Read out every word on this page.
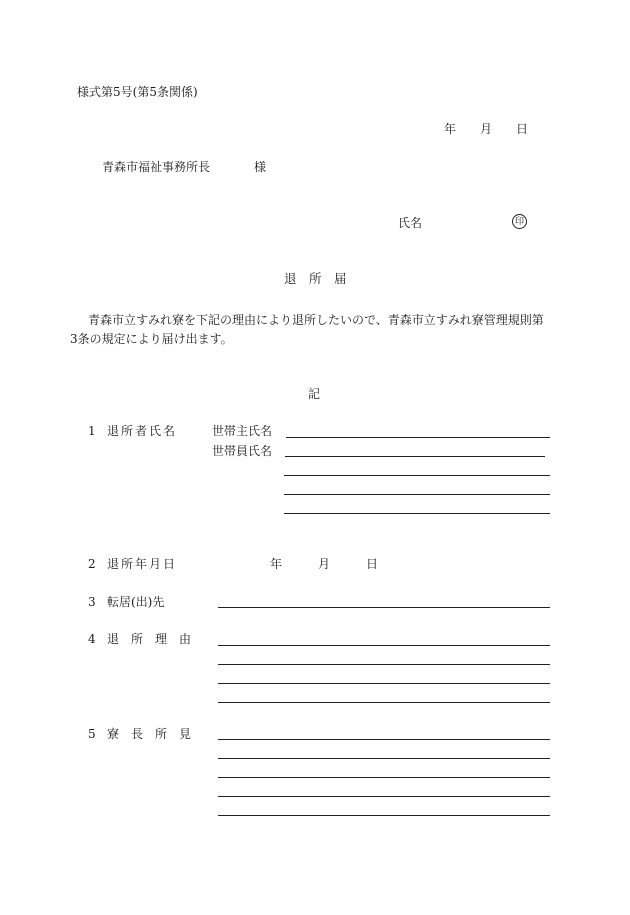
様式第5号(第5条関係)
年 月 日
青森市福祉事務所長	様
氏名	印
退　所　届

青森市立すみれ寮を下記の理由により退所したいので、青森市立すみれ寮管理規則第

3条の規定により届け出ます。

記
1 退所者氏名	世帯主氏名
世帯員氏名
2 退所年月日	年	月	日
3 転居(出)先
4 退　所　理　由
5 寮　長　所　見
